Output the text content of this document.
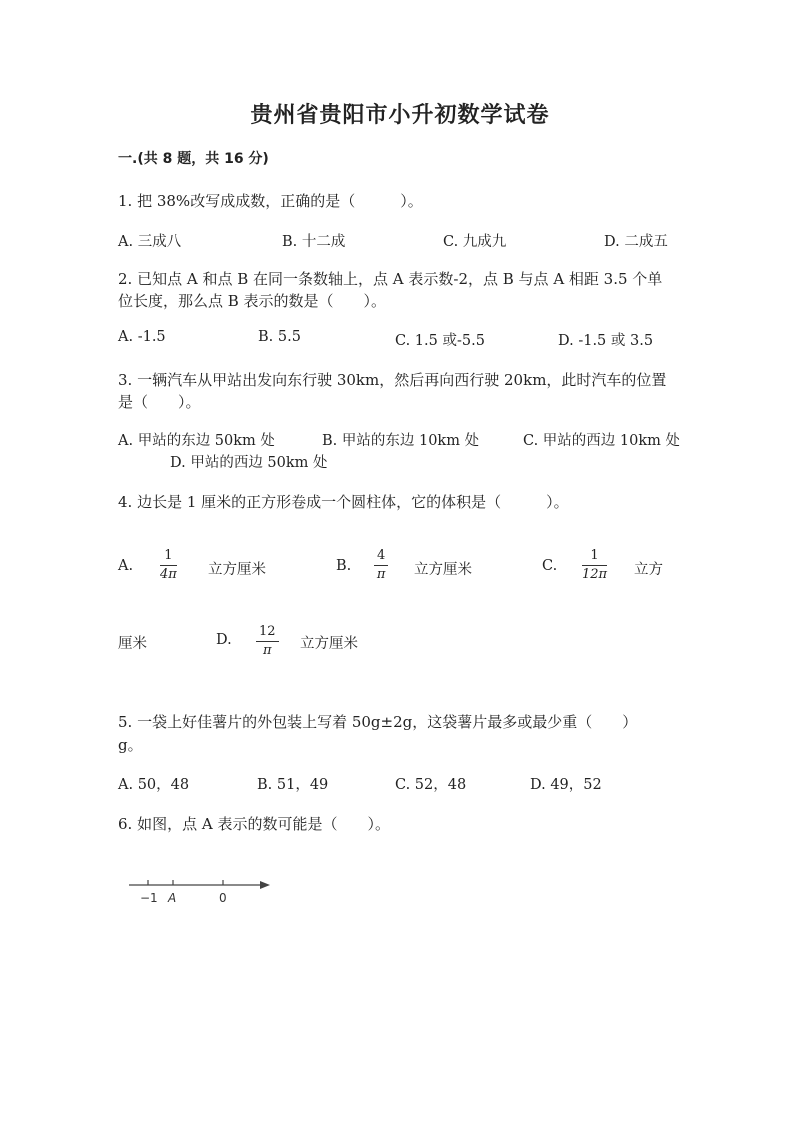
贵州省贵阳市小升初数学试卷
一.(共 8 题，共 16 分)
1. 把 38%改写成成数，正确的是（　　　）。
A. 三成八	B. 十二成	C. 九成九	D. 二成五
2. 已知点 A 和点 B 在同一条数轴上，点 A 表示数-2，点 B 与点 A 相距 3.5 个单
位长度，那么点 B 表示的数是（　　）。
A. -1.5	B. 5.5	C. 1.5 或-5.5	D. -1.5 或 3.5
3. 一辆汽车从甲站出发向东行驶 30km，然后再向西行驶 20km，此时汽车的位置
是（　　）。
A. 甲站的东边 50km 处	B. 甲站的东边 10km 处	C. 甲站的西边 10km 处
D. 甲站的西边 50km 处
4. 边长是 1 厘米的正方形卷成一个圆柱体，它的体积是（　　　）。
A.
1
4π 立方厘米	B.
4
π 立方厘米	C.
1
12π 立方
厘米	D.
12
π	立方厘米
5. 一袋上好佳薯片的外包装上写着 50g±2g，这袋薯片最多或最少重（　　）
g。
A. 50，48	B. 51，49	C. 52，48	D. 49，52
6. 如图，点 A 表示的数可能是（　　）。
−1 A	0
